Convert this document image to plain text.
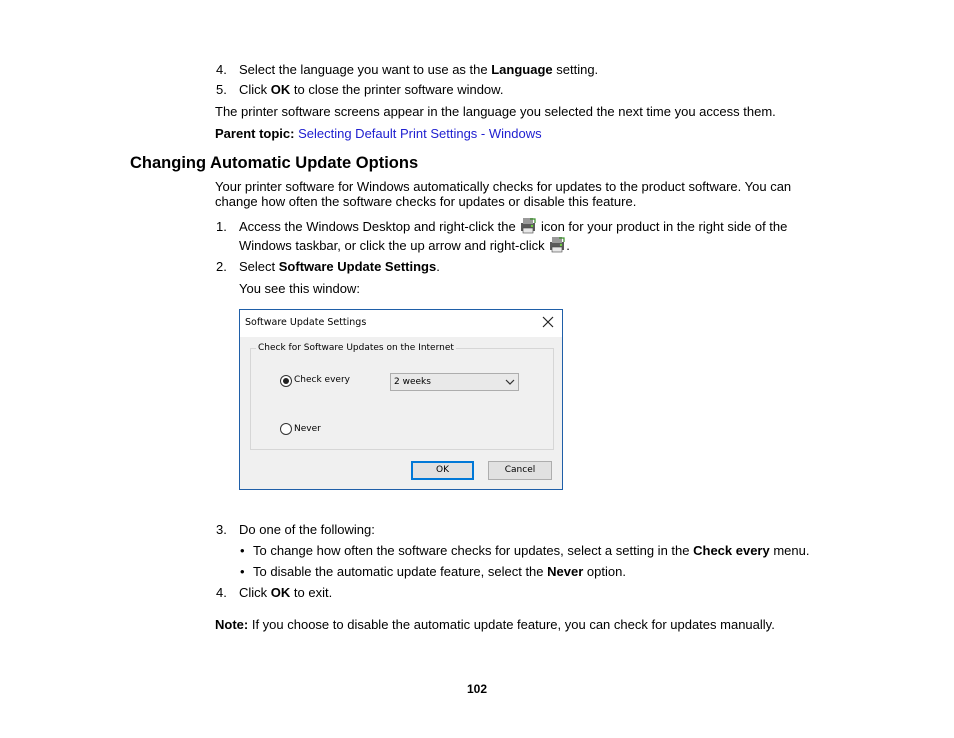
4. Select the language you want to use as the Language setting.
5. Click OK to close the printer software window.
The printer software screens appear in the language you selected the next time you access them.
Parent topic: Selecting Default Print Settings - Windows
Changing Automatic Update Options
Your printer software for Windows automatically checks for updates to the product software. You can change how often the software checks for updates or disable this feature.
1. Access the Windows Desktop and right-click the  icon for your product in the right side of the
Windows taskbar, or click the up arrow and right-click .
2. Select Software Update Settings.
You see this window:
Software Update Settings
Check for Software Updates on the Internet
Check every	2 weeks
Never
OK	Cancel
3. Do one of the following:
• To change how often the software checks for updates, select a setting in the Check every menu.
• To disable the automatic update feature, select the Never option.
4. Click OK to exit.
Note: If you choose to disable the automatic update feature, you can check for updates manually.
102
